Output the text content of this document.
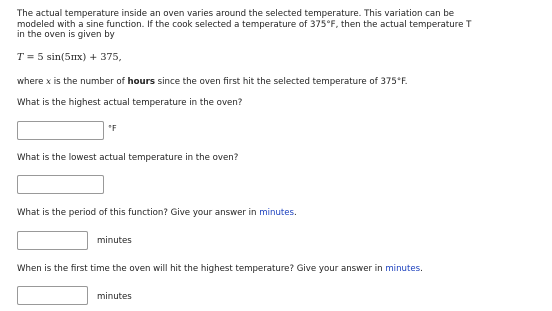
The actual temperature inside an oven varies around the selected temperature. This variation can be
modeled with a sine function. If the cook selected a temperature of 375°F, then the actual temperature T
in the oven is given by
T = 5 sin(5πx) + 375,
where x is the number of hours since the oven first hit the selected temperature of 375°F.
What is the highest actual temperature in the oven?
°F
What is the lowest actual temperature in the oven?
What is the period of this function? Give your answer in minutes.
minutes
When is the first time the oven will hit the highest temperature? Give your answer in minutes.
minutes
